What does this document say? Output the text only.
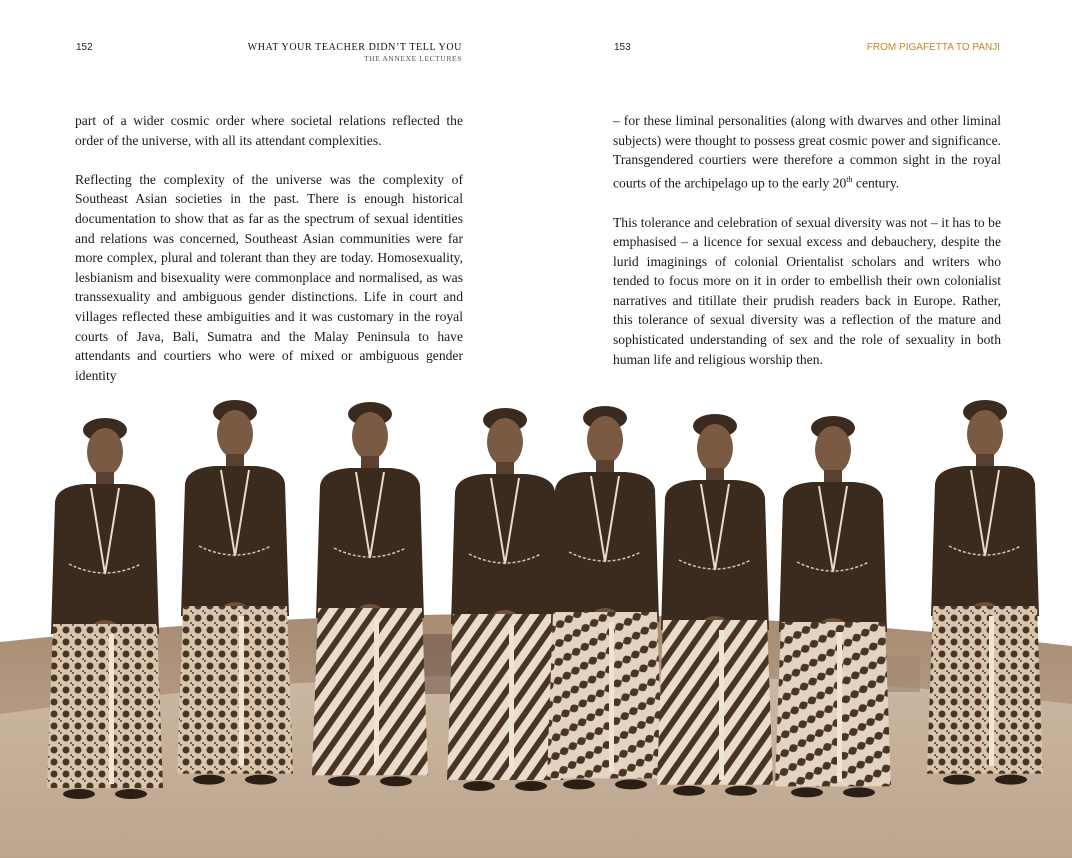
152	WHAT YOUR TEACHER DIDN’T TELL YOU
THE ANNEXE LECTURES
153	FROM PIGAFETTA TO PANJI

part of a wider cosmic order where societal relations reflected the order of the universe, with all its attendant complexities.

Reflecting the complexity of the universe was the complexity of Southeast Asian societies in the past. There is enough historical documentation to show that as far as the spectrum of sexual identities and relations was concerned, Southeast Asian communities were far more complex, plural and tolerant than they are today. Homosexuality, lesbianism and bisexuality were commonplace and normalised, as was transsexuality and ambiguous gender distinctions. Life in court and villages reflected these ambiguities and it was customary in the royal courts of Java, Bali, Sumatra and the Malay Peninsula to have attendants and courtiers who were of mixed or ambiguous gender identity

– for these liminal personalities (along with dwarves and other liminal subjects) were thought to possess great cosmic power and significance. Transgendered courtiers were therefore a common sight in the royal courts of the archipelago up to the early 20th century.

This tolerance and celebration of sexual diversity was not – it has to be emphasised – a licence for sexual excess and debauchery, despite the lurid imaginings of colonial Orientalist scholars and writers who tended to focus more on it in order to embellish their own colonialist narratives and titillate their prudish readers back in Europe. Rather, this tolerance of sexual diversity was a reflection of the mature and sophisticated understanding of sex and the role of sexuality in both human life and religious worship then.
